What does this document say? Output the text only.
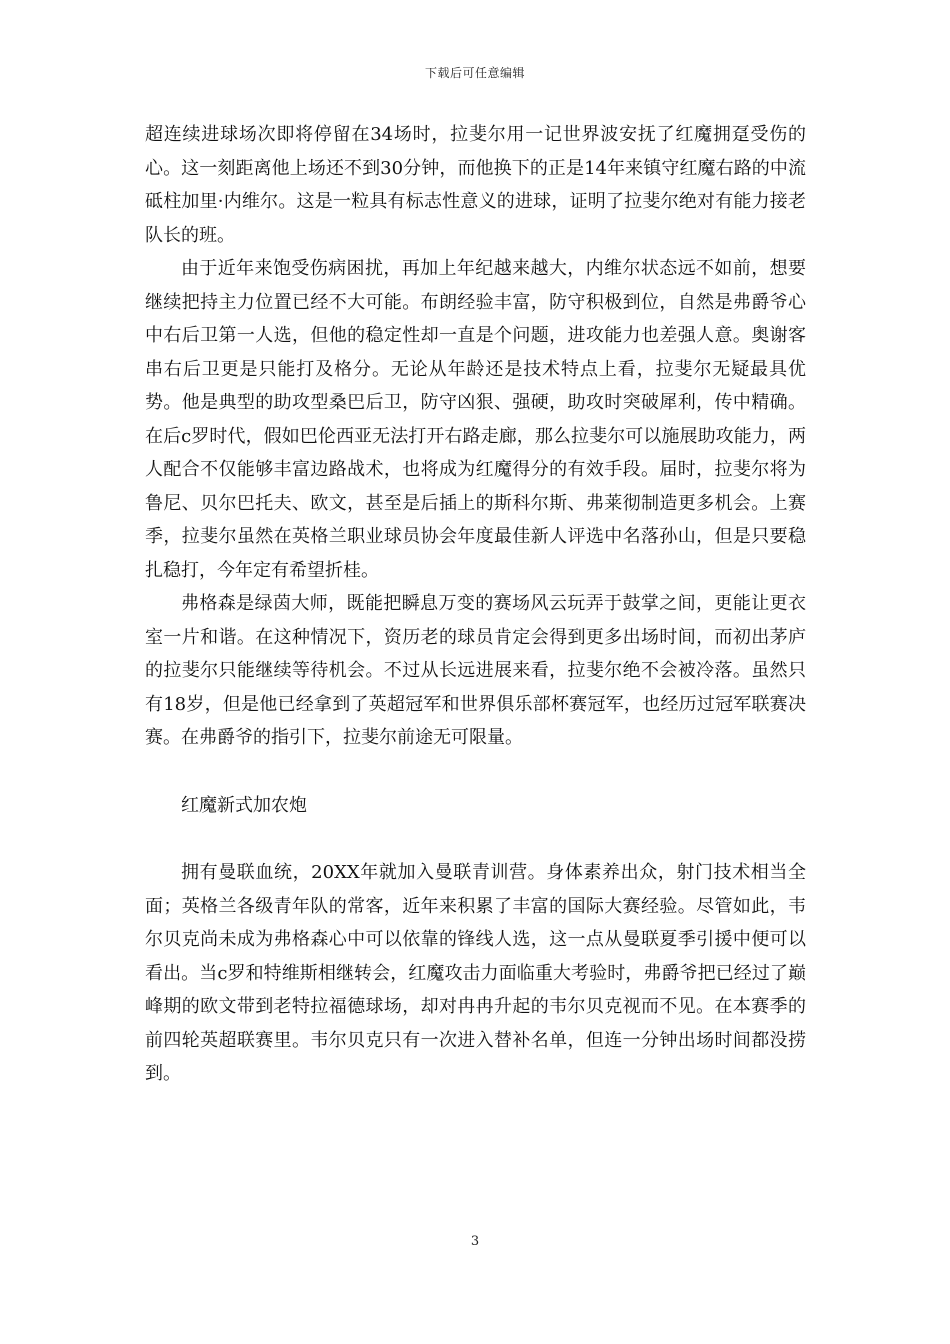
下载后可任意编辑

超连续进球场次即将停留在34场时，拉斐尔用一记世界波安抚了红魔拥趸受伤的心。这一刻距离他上场还不到30分钟，而他换下的正是14年来镇守红魔右路的中流砥柱加里·内维尔。这是一粒具有标志性意义的进球，证明了拉斐尔绝对有能力接老队长的班。

由于近年来饱受伤病困扰，再加上年纪越来越大，内维尔状态远不如前，想要继续把持主力位置已经不大可能。布朗经验丰富，防守积极到位，自然是弗爵爷心中右后卫第一人选，但他的稳定性却一直是个问题，进攻能力也差强人意。奥谢客串右后卫更是只能打及格分。无论从年龄还是技术特点上看，拉斐尔无疑最具优势。他是典型的助攻型桑巴后卫，防守凶狠、强硬，助攻时突破犀利，传中精确。在后c罗时代，假如巴伦西亚无法打开右路走廊，那么拉斐尔可以施展助攻能力，两人配合不仅能够丰富边路战术，也将成为红魔得分的有效手段。届时，拉斐尔将为鲁尼、贝尔巴托夫、欧文，甚至是后插上的斯科尔斯、弗莱彻制造更多机会。上赛季，拉斐尔虽然在英格兰职业球员协会年度最佳新人评选中名落孙山，但是只要稳扎稳打，今年定有希望折桂。

弗格森是绿茵大师，既能把瞬息万变的赛场风云玩弄于鼓掌之间，更能让更衣室一片和谐。在这种情况下，资历老的球员肯定会得到更多出场时间，而初出茅庐的拉斐尔只能继续等待机会。不过从长远进展来看，拉斐尔绝不会被冷落。虽然只有18岁，但是他已经拿到了英超冠军和世界俱乐部杯赛冠军，也经历过冠军联赛决赛。在弗爵爷的指引下，拉斐尔前途无可限量。

红魔新式加农炮

拥有曼联血统，20XX年就加入曼联青训营。身体素养出众，射门技术相当全面；英格兰各级青年队的常客，近年来积累了丰富的国际大赛经验。尽管如此，韦尔贝克尚未成为弗格森心中可以依靠的锋线人选，这一点从曼联夏季引援中便可以看出。当c罗和特维斯相继转会，红魔攻击力面临重大考验时，弗爵爷把已经过了巅峰期的欧文带到老特拉福德球场，却对冉冉升起的韦尔贝克视而不见。在本赛季的前四轮英超联赛里。韦尔贝克只有一次进入替补名单，但连一分钟出场时间都没捞到。

3
